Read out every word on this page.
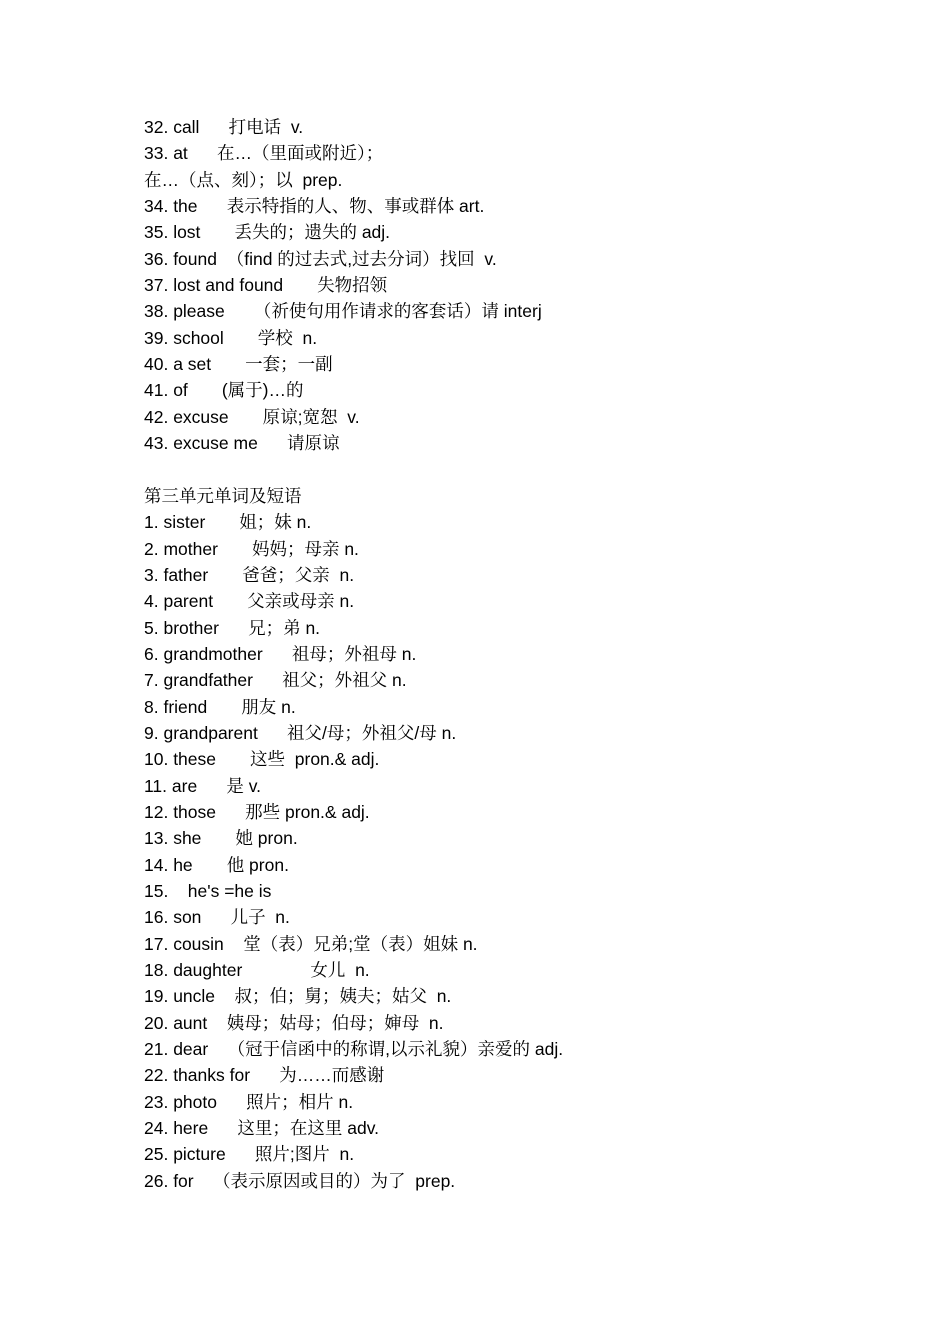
32. call      打电话  v.
33. at      在…（里面或附近）；
在…（点、刻）；以  prep.
34. the      表示特指的人、物、事或群体 art.
35. lost       丢失的；遗失的 adj.
36. found  （find 的过去式,过去分词）找回  v.
37. lost and found       失物招领
38. please      （祈使句用作请求的客套话）请 interj
39. school       学校  n.
40. a set       一套；一副
41. of       (属于)…的
42. excuse       原谅;宽恕  v.
43. excuse me      请原谅
第三单元单词及短语
1. sister       姐；妹 n.
2. mother       妈妈；母亲 n.
3. father       爸爸；父亲  n.
4. parent       父亲或母亲 n.
5. brother      兄；弟 n.
6. grandmother      祖母；外祖母 n.
7. grandfather      祖父；外祖父 n.
8. friend       朋友 n.
9. grandparent      祖父/母；外祖父/母 n.
10. these       这些  pron.& adj.
11. are      是 v.
12. those      那些 pron.& adj.
13. she       她 pron.
14. he       他 pron.
15.    he's =he is
16. son      儿子  n.
17. cousin    堂（表）兄弟;堂（表）姐妹 n.
18. daughter              女儿  n.
19. uncle    叔；伯；舅；姨夫；姑父  n.
20. aunt    姨母；姑母；伯母；婶母  n.
21. dear    （冠于信函中的称谓,以示礼貌）亲爱的 adj.
22. thanks for      为……而感谢
23. photo      照片；相片 n.
24. here      这里；在这里 adv.
25. picture      照片;图片  n.
26. for    （表示原因或目的）为了  prep.
